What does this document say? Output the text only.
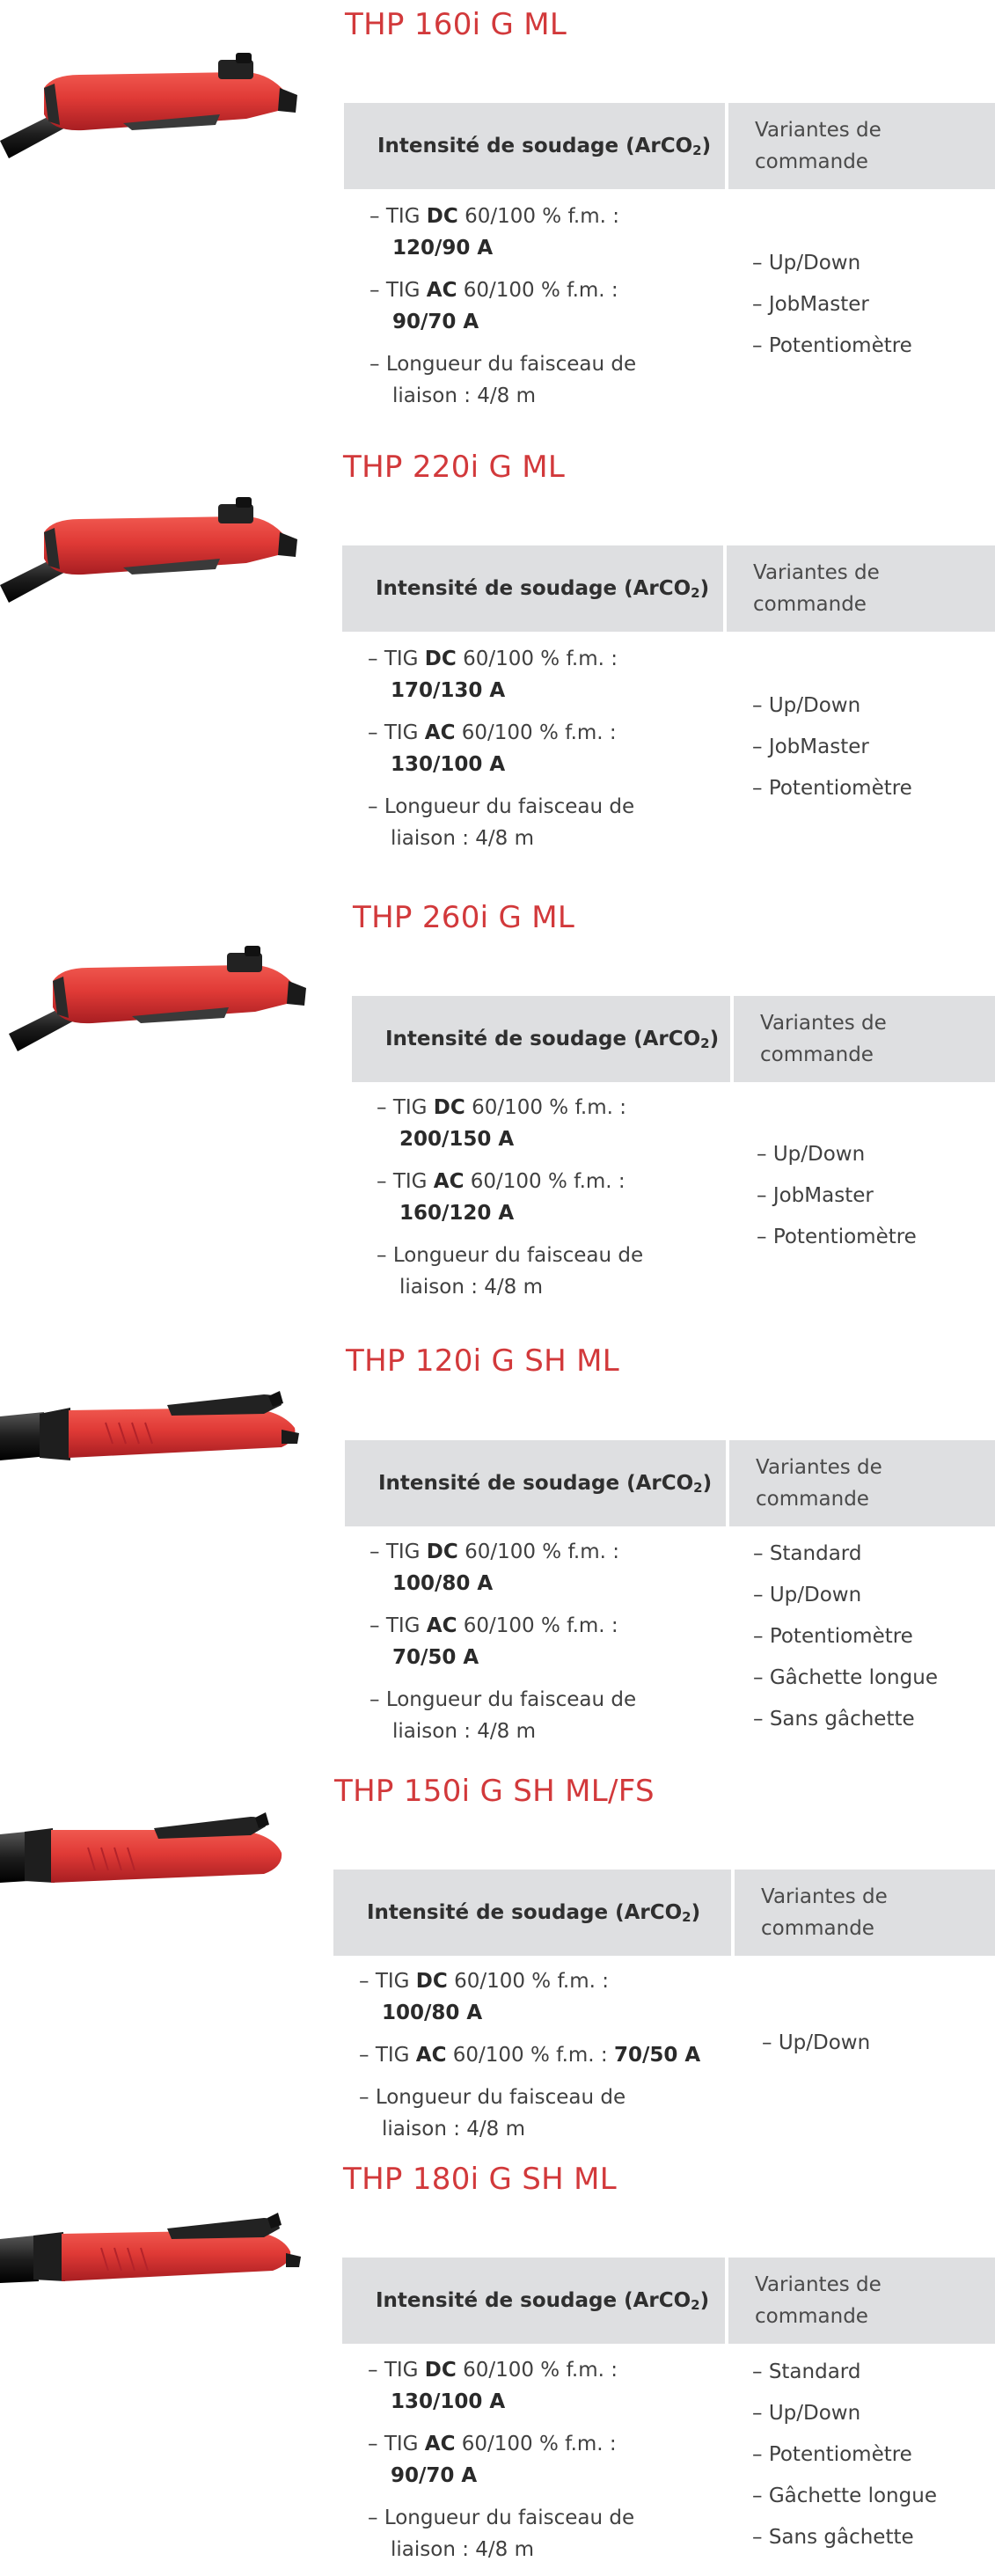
THP 160i G ML
Intensité de soudage (ArCO 2 )
Variantes de
commande
– TIG DC 60/100 % f.m. : 120/90 A
– TIG AC 60/100 % f.m. : 90/70 A
– Longueur du faisceau de liaison : 4/8 m
– Up/Down
– JobMaster
– Potentiomètre
THP 220i G ML
Intensité de soudage (ArCO 2 )
Variantes de
commande
– TIG DC 60/100 % f.m. : 170/130 A
– TIG AC 60/100 % f.m. : 130/100 A
– Longueur du faisceau de liaison : 4/8 m
– Up/Down
– JobMaster
– Potentiomètre
THP 260i G ML
Intensité de soudage (ArCO 2 )
Variantes de
commande
– TIG DC 60/100 % f.m. : 200/150 A
– TIG AC 60/100 % f.m. : 160/120 A
– Longueur du faisceau de liaison : 4/8 m
– Up/Down
– JobMaster
– Potentiomètre
THP 120i G SH ML
Intensité de soudage (ArCO 2 )
Variantes de
commande
– TIG DC 60/100 % f.m. : 100/80 A
– TIG AC 60/100 % f.m. : 70/50 A
– Longueur du faisceau de liaison : 4/8 m
– Standard
– Up/Down
– Potentiomètre
– Gâchette longue
– Sans gâchette
THP 150i G SH ML/FS
Intensité de soudage (ArCO 2 )
Variantes de
commande
– TIG DC 60/100 % f.m. : 100/80 A
– TIG AC 60/100 % f.m. : 70/50 A
– Longueur du faisceau de liaison : 4/8 m
– Up/Down
THP 180i G SH ML
Intensité de soudage (ArCO 2 )
Variantes de
commande
– TIG DC 60/100 % f.m. : 130/100 A
– TIG AC 60/100 % f.m. : 90/70 A
– Longueur du faisceau de liaison : 4/8 m
– Standard
– Up/Down
– Potentiomètre
– Gâchette longue
– Sans gâchette
